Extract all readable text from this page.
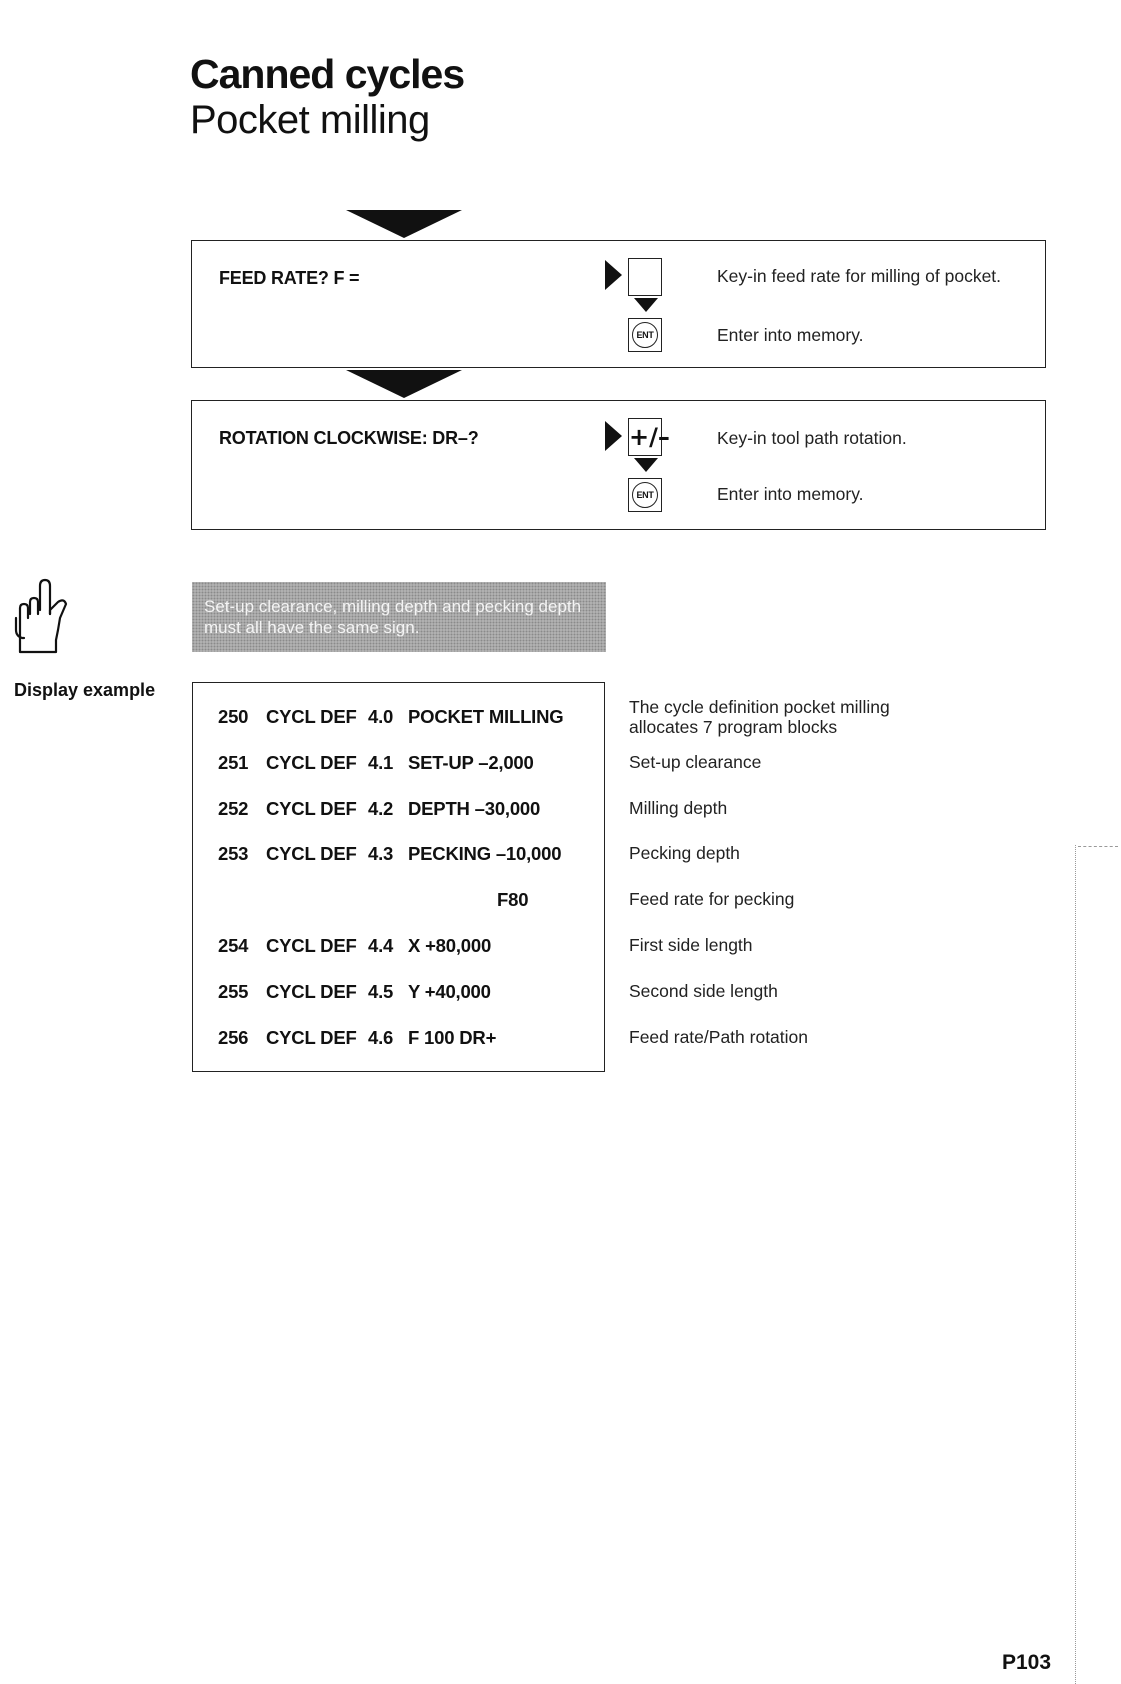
Canned cycles
Pocket milling
FEED RATE? F =
ENT
Key-in feed rate for milling of pocket.
Enter into memory.
ROTATION CLOCKWISE: DR–?	+/–
ENT
Key-in tool path rotation.
Enter into memory.
Set-up clearance, milling depth and pecking depth must all have the same sign.
Display example
250 CYCL DEF 4.0 POCKET MILLING	The cycle definition pocket milling
allocates 7 program blocks
251 CYCL DEF 4.1 SET-UP –2,000	Set-up clearance
252 CYCL DEF 4.2 DEPTH –30,000	Milling depth
253 CYCL DEF 4.3 PECKING –10,000	Pecking depth
F80	Feed rate for pecking
254 CYCL DEF 4.4 X +80,000	First side length
255 CYCL DEF 4.5 Y +40,000	Second side length
256 CYCL DEF 4.6 F 100 DR+	Feed rate/Path rotation
P103
